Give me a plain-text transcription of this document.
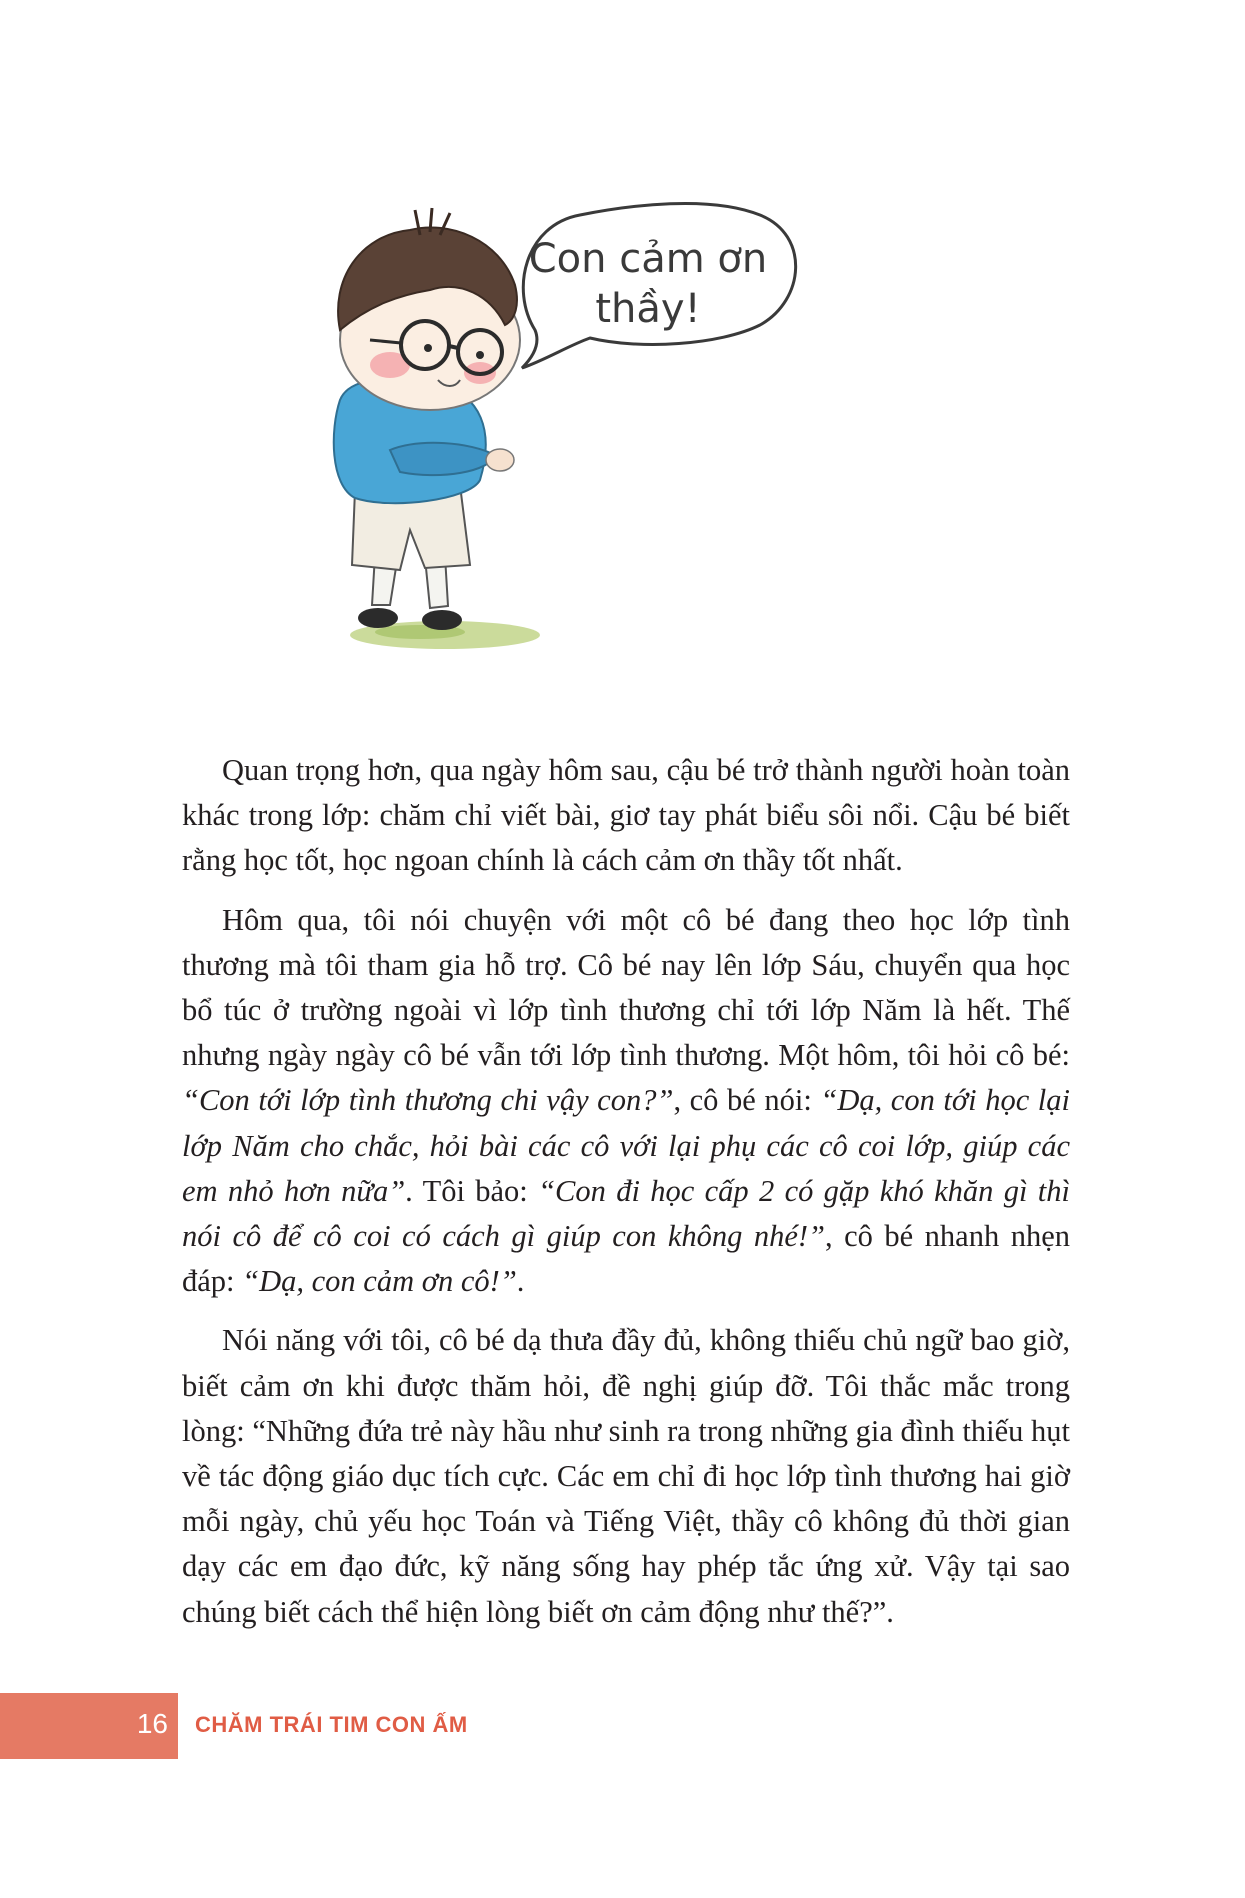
Con cảm ơn
thầy!

Quan trọng hơn, qua ngày hôm sau, cậu bé trở thành người hoàn toàn khác trong lớp: chăm chỉ viết bài, giơ tay phát biểu sôi nổi. Cậu bé biết rằng học tốt, học ngoan chính là cách cảm ơn thầy tốt nhất.

Hôm qua, tôi nói chuyện với một cô bé đang theo học lớp tình thương mà tôi tham gia hỗ trợ. Cô bé nay lên lớp Sáu, chuyển qua học bổ túc ở trường ngoài vì lớp tình thương chỉ tới lớp Năm là hết. Thế nhưng ngày ngày cô bé vẫn tới lớp tình thương. Một hôm, tôi hỏi cô bé: “Con tới lớp tình thương chi vậy con?”, cô bé nói: “Dạ, con tới học lại lớp Năm cho chắc, hỏi bài các cô với lại phụ các cô coi lớp, giúp các em nhỏ hơn nữa”. Tôi bảo: “Con đi học cấp 2 có gặp khó khăn gì thì nói cô để cô coi có cách gì giúp con không nhé!”, cô bé nhanh nhẹn đáp: “Dạ, con cảm ơn cô!”.

Nói năng với tôi, cô bé dạ thưa đầy đủ, không thiếu chủ ngữ bao giờ, biết cảm ơn khi được thăm hỏi, đề nghị giúp đỡ. Tôi thắc mắc trong lòng: “Những đứa trẻ này hầu như sinh ra trong những gia đình thiếu hụt về tác động giáo dục tích cực. Các em chỉ đi học lớp tình thương hai giờ mỗi ngày, chủ yếu học Toán và Tiếng Việt, thầy cô không đủ thời gian dạy các em đạo đức, kỹ năng sống hay phép tắc ứng xử. Vậy tại sao chúng biết cách thể hiện lòng biết ơn cảm động như thế?”.

16 CHĂM TRÁI TIM CON ẤM
